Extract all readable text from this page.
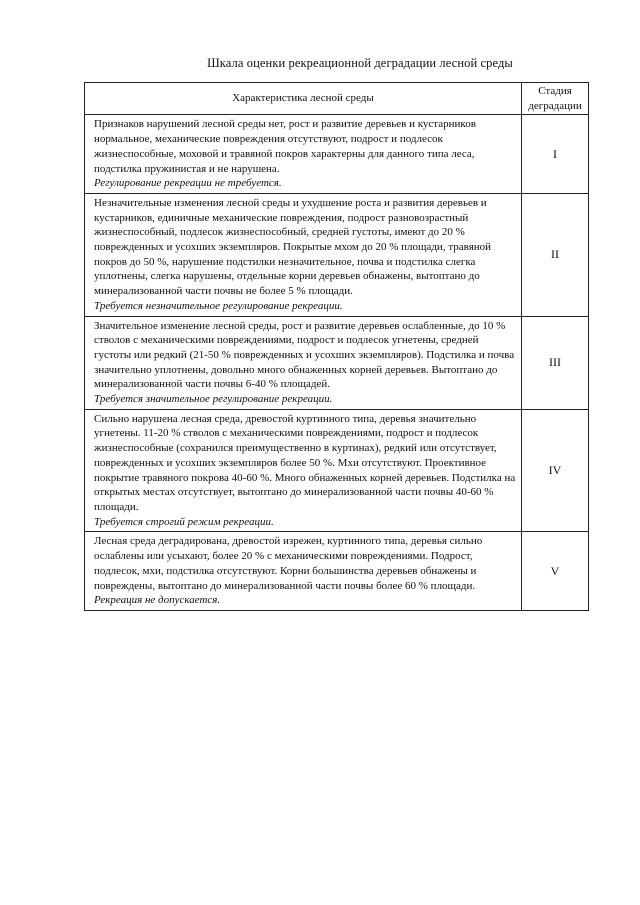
Шкала оценки рекреационной деградации лесной среды
Характеристика лесной среды	Стадия деградации

Признаков нарушений лесной среды нет, рост и развитие деревьев и кустарников нормальное, механические повреждения отсутствуют, подрост и подлесок жизнеспособные, моховой и травяной покров характерны для данного типа леса, подстилка пружинистая и не нарушена.
Регулирование рекреации не требуется.	I

Незначительные изменения лесной среды и ухудшение роста и развития деревьев и кустарников, единичные механические повреждения, подрост разновозрастный жизнеспособный, подлесок жизнеспособный, средней густоты, имеют до 20 % поврежденных и усохших экземпляров. Покрытые мхом до 20 % площади, травяной покров до 50 %, нарушение подстилки незначительное, почва и подстилка слегка уплотнены, слегка нарушены, отдельные корни деревьев обнажены, вытоптано до минерализованной части почвы не более 5 % площади.
Требуется незначительное регулирование рекреации.	II

Значительное изменение лесной среды, рост и развитие деревьев ослабленные, до 10 % стволов с механическими повреждениями, подрост и подлесок угнетены, средней густоты или редкий (21-50 % поврежденных и усохших экземпляров). Подстилка и почва значительно уплотнены, довольно много обнаженных корней деревьев. Вытоптано до минерализованной части почвы 6-40 % площадей.
Требуется значительное регулирование рекреации.	III

Сильно нарушена лесная среда, древостой куртинного типа, деревья значительно угнетены. 11-20 % стволов с механическими повреждениями, подрост и подлесок жизнеспособные (сохранился преимущественно в куртинах), редкий или отсутствует, поврежденных и усохших экземпляров более 50 %. Мхи отсутствуют. Проективное покрытие травяного покрова 40-60 %. Много обнаженных корней деревьев. Подстилка на открытых местах отсутствует, вытоптано до минерализованной части почвы 40-60 % площади.
Требуется строгий режим рекреации.	IV

Лесная среда деградирована, древостой изрежен, куртинного типа, деревья сильно ослаблены или усыхают, более 20 % с механическими повреждениями. Подрост, подлесок, мхи, подстилка отсутствуют. Корни большинства деревьев обнажены и повреждены, вытоптано до минерализованной части почвы более 60 % площади.
Рекреация не допускается.	V
